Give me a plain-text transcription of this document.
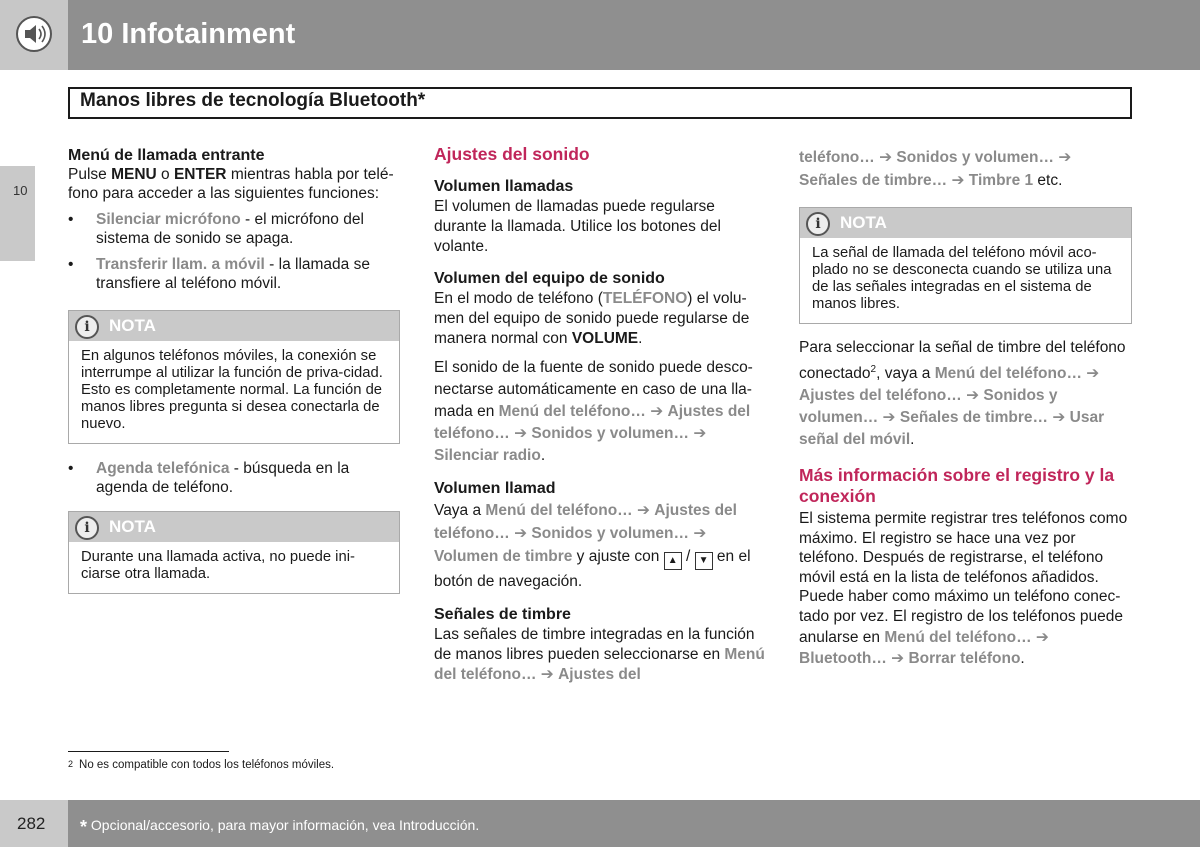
10 Infotainment
Manos libres de tecnología Bluetooth*
10

Menú de llamada entrante

Pulse MENU o ENTER mientras habla por telé-fono para acceder a las siguientes funciones:

• Silenciar micrófono - el micrófono del sistema de sonido se apaga.
• Transferir llam. a móvil - la llamada se transfiere al teléfono móvil.
i	NOTA
En algunos teléfonos móviles, la conexión se interrumpe al utilizar la función de priva-cidad. Esto es completamente normal. La función de manos libres pregunta si desea conectarla de nuevo.
• Agenda telefónica - búsqueda en la agenda de teléfono.
i	NOTA
Durante una llamada activa, no puede ini-ciarse otra llamada.

Ajustes del sonido

Volumen llamadas

El volumen de llamadas puede regularse durante la llamada. Utilice los botones del volante.

Volumen del equipo de sonido

En el modo de teléfono (TELÉFONO) el volu-men del equipo de sonido puede regularse de manera normal con VOLUME.

El sonido de la fuente de sonido puede desco-nectarse automáticamente en caso de una lla-mada en Menú del teléfono… ➔ Ajustes del teléfono… ➔ Sonidos y volumen… ➔ Silenciar radio.

Volumen llamad

Vaya a Menú del teléfono… ➔ Ajustes del teléfono… ➔ Sonidos y volumen… ➔ Volumen de timbre y ajuste con ▲ / ▼ en el botón de navegación.

Señales de timbre

Las señales de timbre integradas en la función de manos libres pueden seleccionarse en Menú del teléfono… ➔ Ajustes del

teléfono… ➔ Sonidos y volumen… ➔ Señales de timbre… ➔ Timbre 1 etc.

i	NOTA
La señal de llamada del teléfono móvil aco-plado no se desconecta cuando se utiliza una de las señales integradas en el sistema de manos libres.

Para seleccionar la señal de timbre del teléfono conectado$^2$, vaya a Menú del teléfono… ➔ Ajustes del teléfono… ➔ Sonidos y volumen… ➔ Señales de timbre… ➔ Usar señal del móvil.

Más información sobre el registro y la conexión

El sistema permite registrar tres teléfonos como máximo. El registro se hace una vez por teléfono. Después de registrarse, el teléfono móvil está en la lista de teléfonos añadidos. Puede haber como máximo un teléfono conec-tado por vez. El registro de los teléfonos puede anularse en Menú del teléfono… ➔ Bluetooth… ➔ Borrar teléfono.

$^2$ No es compatible con todos los teléfonos móviles.
282 * Opcional/accesorio, para mayor información, vea Introducción.
